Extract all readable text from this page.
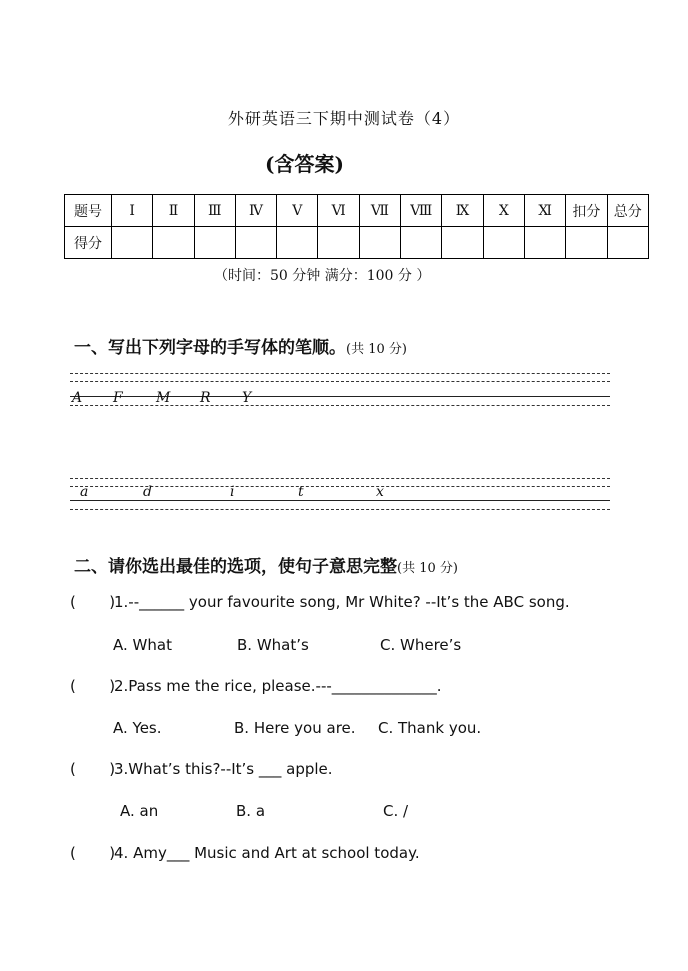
外研英语三下期中测试卷（4）
(含答案)
题号	Ⅰ	Ⅱ	Ⅲ	Ⅳ	Ⅴ	Ⅵ	Ⅶ	Ⅷ	Ⅸ	Ⅹ	Ⅺ	扣分	总分
得分													
（时间：50 分钟 满分：100 分 ）
一、写出下列字母的手写体的笔顺。(共 10 分)
A F M R Y
a	d	i	t	x
二、请你选出最佳的选项，使句子意思完整(共 10 分)
( )1.--______ your favourite song, Mr White? --It’s the ABC song.
A. What	B. What’s	C. Where’s
( )2.Pass me the rice, please.---______________.
A. Yes.	B. Here you are. C. Thank you.
( )3.What’s this?--It’s ___ apple.
A. an	B. a	C. /
( )4. Amy___ Music and Art at school today.
